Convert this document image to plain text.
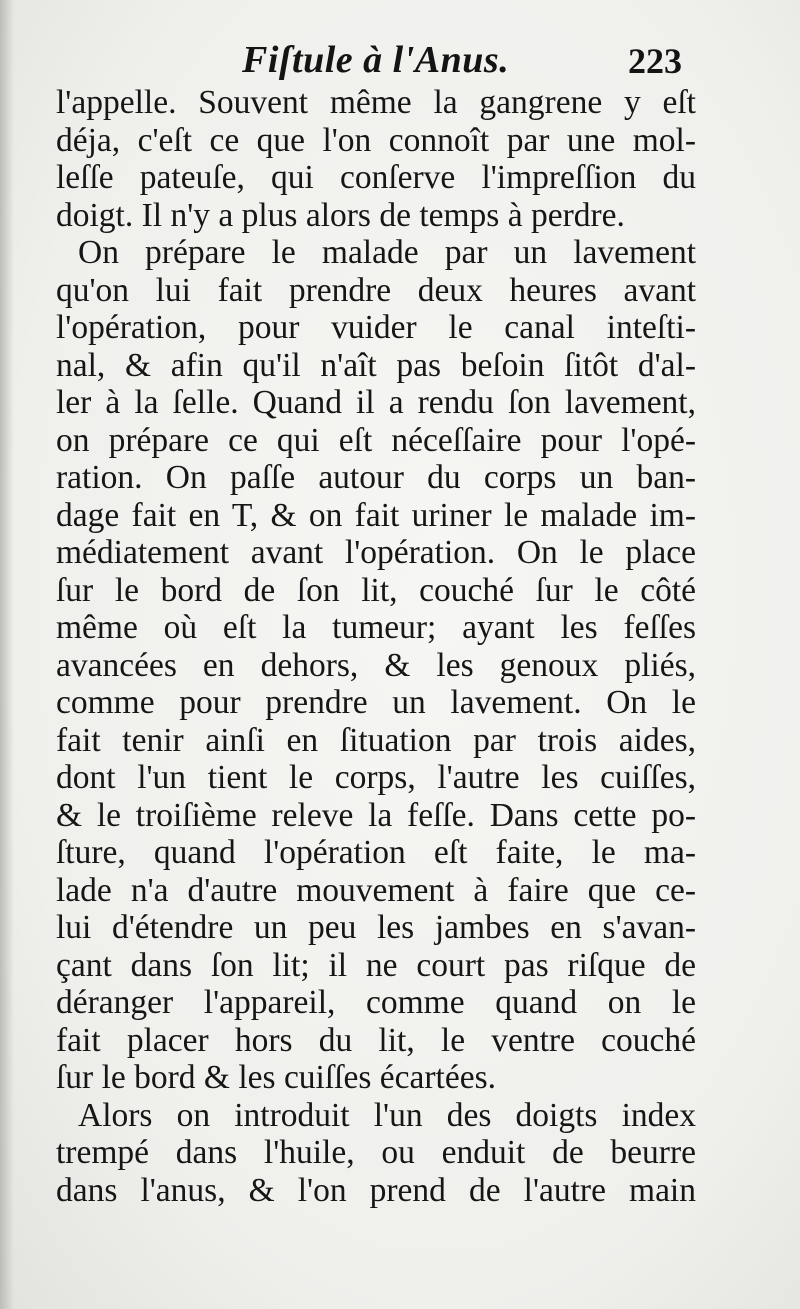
Fiſtule à l'Anus.	223
l'appelle. Souvent même la gangrene y eſt
déja, c'eſt ce que l'on connoît par une mol-
leſſe pateuſe, qui conſerve l'impreſſion du
doigt. Il n'y a plus alors de temps à perdre.
On prépare le malade par un lavement
qu'on lui fait prendre deux heures avant
l'opération, pour vuider le canal inteſti-
nal, & afin qu'il n'aît pas beſoin ſitôt d'al-
ler à la ſelle. Quand il a rendu ſon lavement,
on prépare ce qui eſt néceſſaire pour l'opé-
ration. On paſſe autour du corps un ban-
dage fait en T, & on fait uriner le malade im-
médiatement avant l'opération. On le place
ſur le bord de ſon lit, couché ſur le côté
même où eſt la tumeur; ayant les feſſes
avancées en dehors, & les genoux pliés,
comme pour prendre un lavement. On le
fait tenir ainſi en ſituation par trois aides,
dont l'un tient le corps, l'autre les cuiſſes,
& le troiſième releve la feſſe. Dans cette po-
ſture, quand l'opération eſt faite, le ma-
lade n'a d'autre mouvement à faire que ce-
lui d'étendre un peu les jambes en s'avan-
çant dans ſon lit; il ne court pas riſque de
déranger l'appareil, comme quand on le
fait placer hors du lit, le ventre couché
ſur le bord & les cuiſſes écartées.
Alors on introduit l'un des doigts index
trempé dans l'huile, ou enduit de beurre
dans l'anus, & l'on prend de l'autre main
